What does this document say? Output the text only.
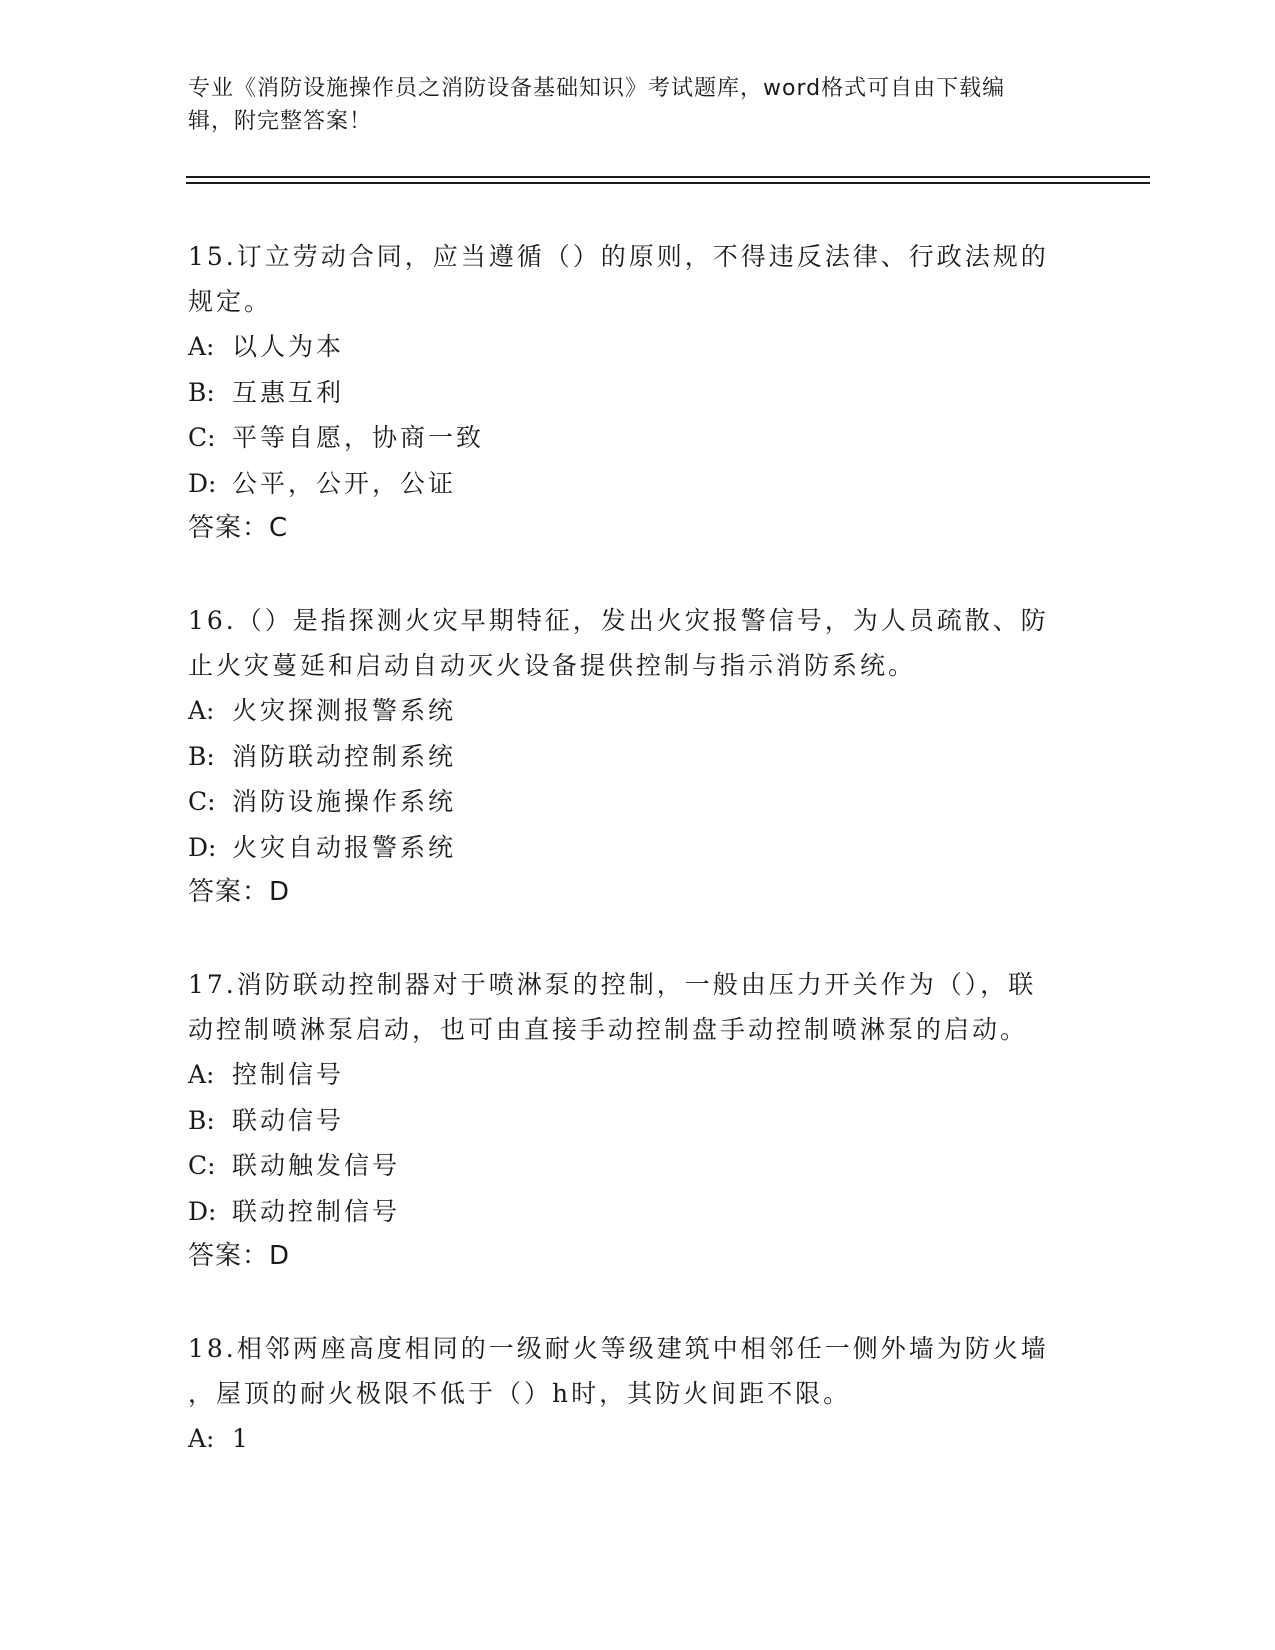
专业《消防设施操作员之消防设备基础知识》考试题库，word格式可自由下载编
辑，附完整答案！
15.订立劳动合同，应当遵循（）的原则，不得违反法律、行政法规的
规定。
A: 以人为本
B: 互惠互利
C: 平等自愿，协商一致
D: 公平，公开，公证
答案：C
16.（）是指探测火灾早期特征，发出火灾报警信号，为人员疏散、防
止火灾蔓延和启动自动灭火设备提供控制与指示消防系统。
A: 火灾探测报警系统
B: 消防联动控制系统
C: 消防设施操作系统
D: 火灾自动报警系统
答案：D
17.消防联动控制器对于喷淋泵的控制，一般由压力开关作为（），联
动控制喷淋泵启动，也可由直接手动控制盘手动控制喷淋泵的启动。
A: 控制信号
B: 联动信号
C: 联动触发信号
D: 联动控制信号
答案：D
18.相邻两座高度相同的一级耐火等级建筑中相邻任一侧外墙为防火墙
，屋顶的耐火极限不低于（）h时，其防火间距不限。
A: 1
